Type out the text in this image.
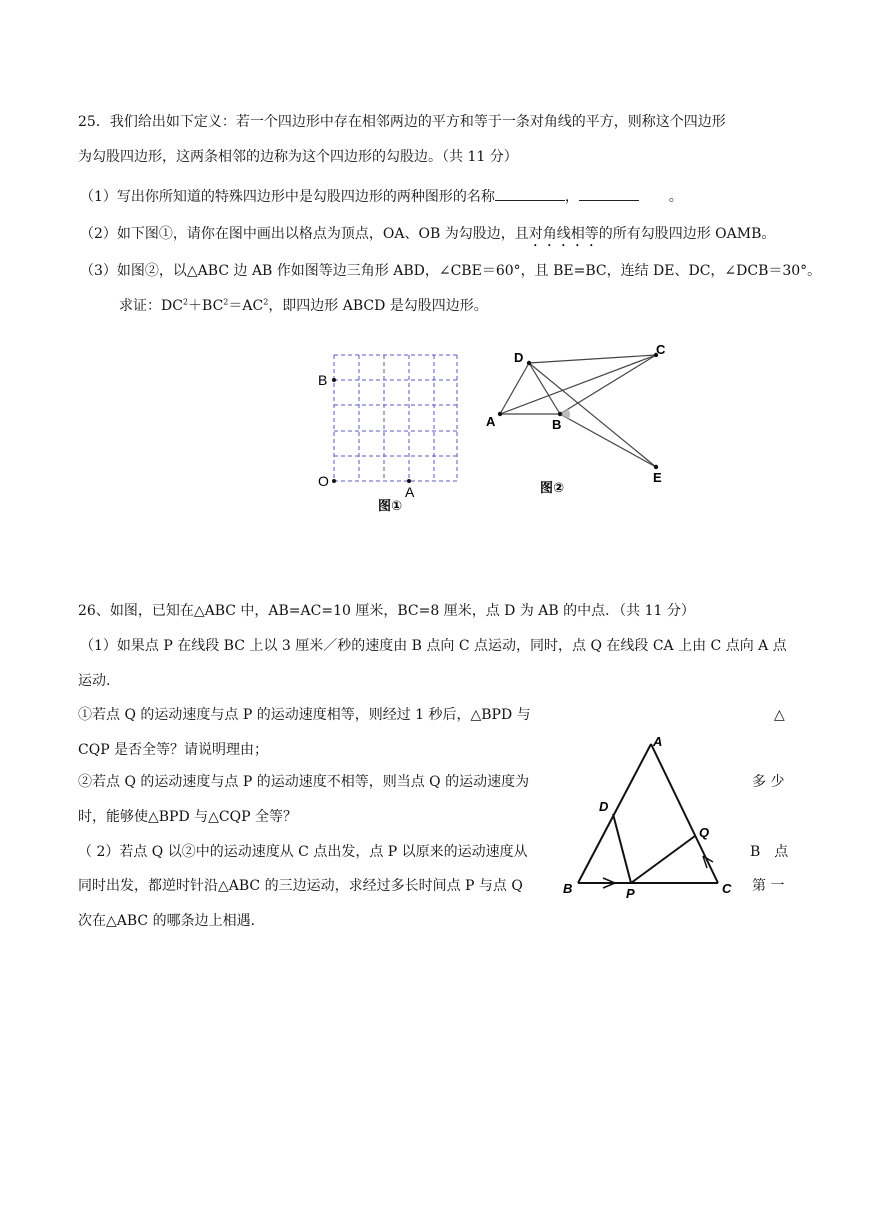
25．我们给出如下定义：若一个四边形中存在相邻两边的平方和等于一条对角线的平方，则称这个四边形
为勾股四边形，这两条相邻的边称为这个四边形的勾股边。（共 11 分）
（1）写出你所知道的特殊四边形中是勾股四边形的两种图形的名称	，	。
（2）如下图①，请你在图中画出以格点为顶点，OA、OB 为勾股边，且对角线相等的所有勾股四边形 OAMB。
（3）如图②，以△ABC 边 AB 作如图等边三角形 ABD，∠CBE＝60°，且 BE=BC，连结 DE、DC，∠DCB＝30°。
求证：$DC^2+BC^2=AC^2$，即四边形 ABCD 是勾股四边形。
B
O
A
图①
D
C
A	B
E
图②
26、如图，已知在△ABC 中，AB=AC=10 厘米，BC=8 厘米，点 D 为 AB 的中点．（共 11 分）
（1）如果点 P 在线段 BC 上以 3 厘米／秒的速度由 B 点向 C 点运动，同时，点 Q 在线段 CA 上由 C 点向 A 点
运动.
①若点 Q 的运动速度与点 P 的运动速度相等，则经过 1 秒后，△BPD 与	△
CQP 是否全等？请说明理由；
②若点 Q 的运动速度与点 P 的运动速度不相等，则当点 Q 的运动速度为	多 少
时，能够使△BPD 与△CQP 全等？
（ 2）若点 Q 以②中的运动速度从 C 点出发，点 P 以原来的运动速度从	B　点
同时出发，都逆时针沿△ABC 的三边运动，求经过多长时间点 P 与点 Q	第 一
次在△ABC 的哪条边上相遇.
A
D
Q
B	P	C
